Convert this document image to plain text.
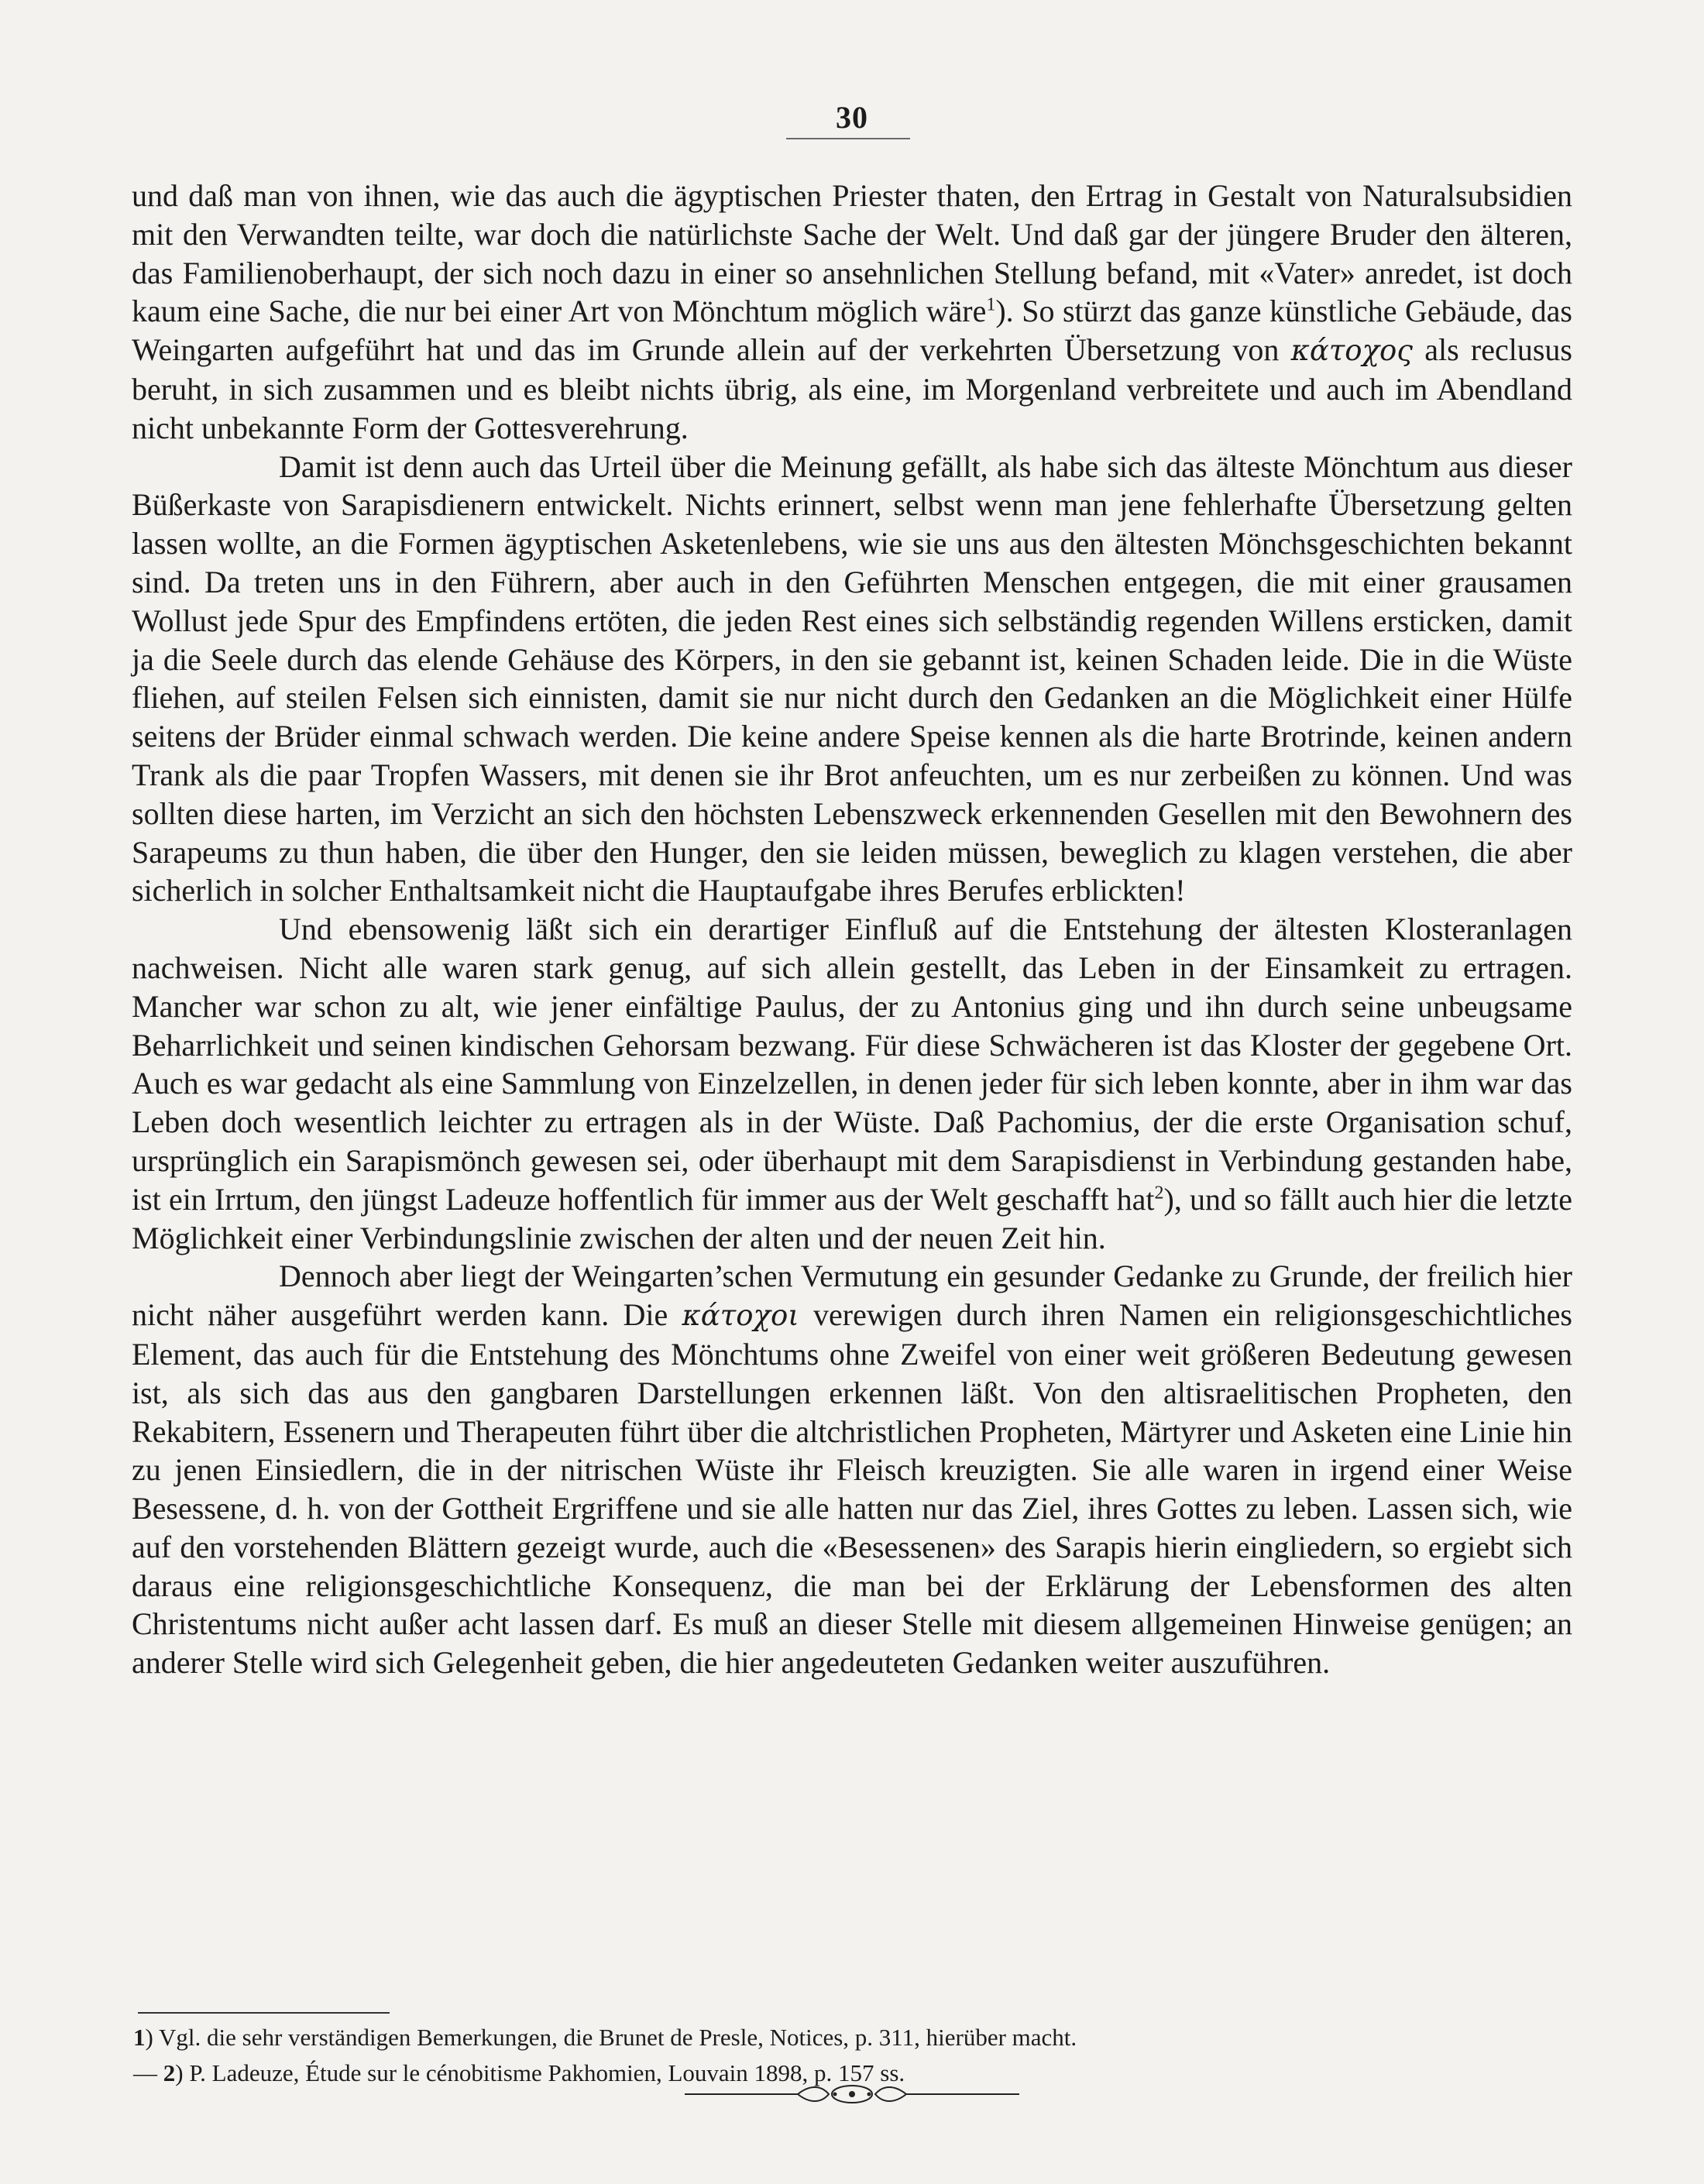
30

und daß man von ihnen, wie das auch die ägyptischen Priester thaten, den Ertrag in Gestalt von Naturalsubsidien mit den Verwandten teilte, war doch die natürlichste Sache der Welt. Und daß gar der jüngere Bruder den älteren, das Familienoberhaupt, der sich noch dazu in einer so ansehnlichen Stellung befand, mit «Vater» anredet, ist doch kaum eine Sache, die nur bei einer Art von Mönchtum möglich wäre$^1$). So stürzt das ganze künstliche Gebäude, das Weingarten aufgeführt hat und das im Grunde allein auf der verkehrten Übersetzung von κάτοχος als reclusus beruht, in sich zusammen und es bleibt nichts übrig, als eine, im Morgenland verbreitete und auch im Abendland nicht unbekannte Form der Gottesverehrung.

Damit ist denn auch das Urteil über die Meinung gefällt, als habe sich das älteste Mönchtum aus dieser Büßerkaste von Sarapisdienern entwickelt. Nichts erinnert, selbst wenn man jene fehlerhafte Übersetzung gelten lassen wollte, an die Formen ägyptischen Asketenlebens, wie sie uns aus den ältesten Mönchsgeschichten bekannt sind. Da treten uns in den Führern, aber auch in den Geführten Menschen entgegen, die mit einer grausamen Wollust jede Spur des Empfindens ertöten, die jeden Rest eines sich selbständig regenden Willens ersticken, damit ja die Seele durch das elende Gehäuse des Körpers, in den sie gebannt ist, keinen Schaden leide. Die in die Wüste fliehen, auf steilen Felsen sich einnisten, damit sie nur nicht durch den Gedanken an die Möglichkeit einer Hülfe seitens der Brüder einmal schwach werden. Die keine andere Speise kennen als die harte Brotrinde, keinen andern Trank als die paar Tropfen Wassers, mit denen sie ihr Brot anfeuchten, um es nur zerbeißen zu können. Und was sollten diese harten, im Verzicht an sich den höchsten Lebenszweck erkennenden Gesellen mit den Bewohnern des Sarapeums zu thun haben, die über den Hunger, den sie leiden müssen, beweglich zu klagen verstehen, die aber sicherlich in solcher Enthaltsamkeit nicht die Hauptaufgabe ihres Berufes erblickten!

Und ebensowenig läßt sich ein derartiger Einfluß auf die Entstehung der ältesten Klosteranlagen nachweisen. Nicht alle waren stark genug, auf sich allein gestellt, das Leben in der Einsamkeit zu ertragen. Mancher war schon zu alt, wie jener einfältige Paulus, der zu Antonius ging und ihn durch seine unbeugsame Beharrlichkeit und seinen kindischen Gehorsam bezwang. Für diese Schwächeren ist das Kloster der gegebene Ort. Auch es war gedacht als eine Sammlung von Einzelzellen, in denen jeder für sich leben konnte, aber in ihm war das Leben doch wesentlich leichter zu ertragen als in der Wüste. Daß Pachomius, der die erste Organisation schuf, ursprünglich ein Sarapismönch gewesen sei, oder überhaupt mit dem Sarapisdienst in Verbindung gestanden habe, ist ein Irrtum, den jüngst Ladeuze hoffentlich für immer aus der Welt geschafft hat$^2$), und so fällt auch hier die letzte Möglichkeit einer Verbindungslinie zwischen der alten und der neuen Zeit hin.

Dennoch aber liegt der Weingarten’schen Vermutung ein gesunder Gedanke zu Grunde, der freilich hier nicht näher ausgeführt werden kann. Die κάτοχοι verewigen durch ihren Namen ein religionsgeschichtliches Element, das auch für die Entstehung des Mönchtums ohne Zweifel von einer weit größeren Bedeutung gewesen ist, als sich das aus den gangbaren Darstellungen erkennen läßt. Von den altisraelitischen Propheten, den Rekabitern, Essenern und Therapeuten führt über die altchristlichen Propheten, Märtyrer und Asketen eine Linie hin zu jenen Einsiedlern, die in der nitrischen Wüste ihr Fleisch kreuzigten. Sie alle waren in irgend einer Weise Besessene, d. h. von der Gottheit Ergriffene und sie alle hatten nur das Ziel, ihres Gottes zu leben. Lassen sich, wie auf den vorstehenden Blättern gezeigt wurde, auch die «Besessenen» des Sarapis hierin eingliedern, so ergiebt sich daraus eine religionsgeschichtliche Konsequenz, die man bei der Erklärung der Lebensformen des alten Christentums nicht außer acht lassen darf. Es muß an dieser Stelle mit diesem allgemeinen Hinweise genügen; an anderer Stelle wird sich Gelegenheit geben, die hier angedeuteten Gedanken weiter auszuführen.

1) Vgl. die sehr verständigen Bemerkungen, die Brunet de Presle, Notices, p. 311, hierüber macht.

— 2) P. Ladeuze, Étude sur le cénobitisme Pakhomien, Louvain 1898, p. 157 ss.
